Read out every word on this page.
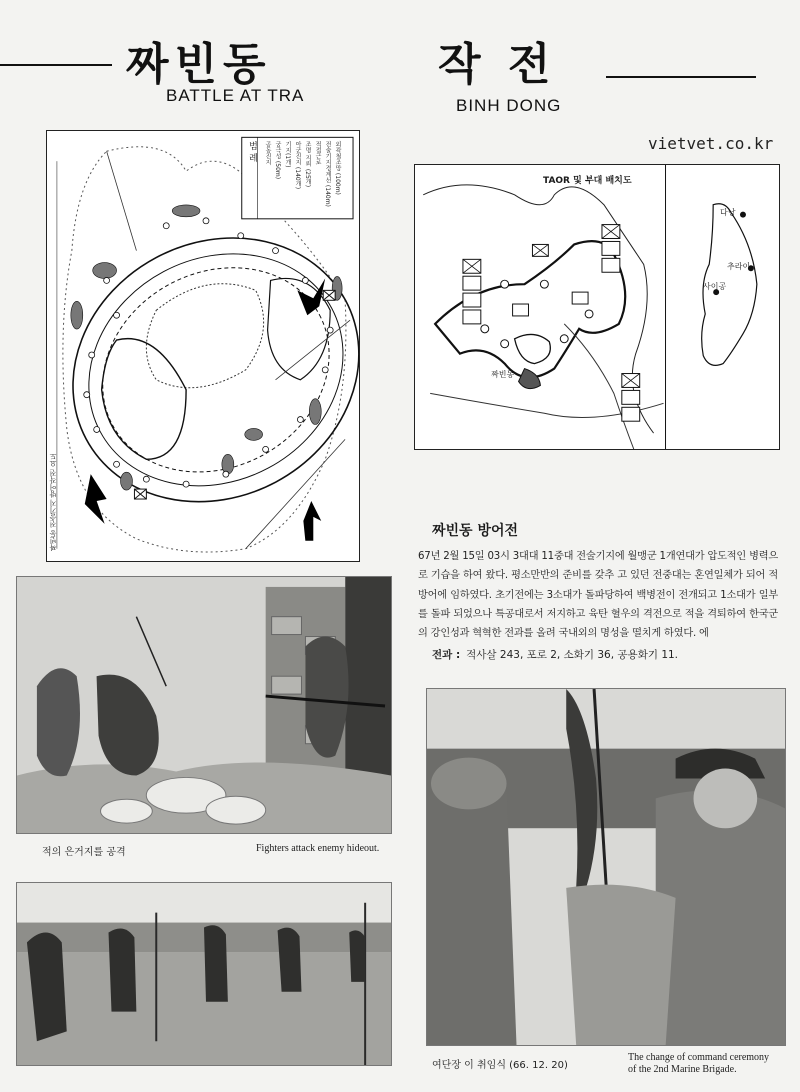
짜빈동	작 전
BATTLE AT TRA
BINH DONG
vietvet.co.kr
범 례	외곽철조망 (100m)
전술기지경계선 (140m)
적접근로
조명 지뢰 (25개)
아군진지 (140개)
기지(1개)
궁극성 (50m)
공동진지
짜빈동 전술기지 방어작전 요도
TAOR 및 부대 배치도
짜빈동
다낭
추라이
사이공
짜빈동 방어전
67년 2월 15일 03시 3대대 11중대 전술기지에 월맹군 1개연대가 압도적인 병력으로 기습을 하여 왔다. 평소만반의 준비를 갖추 고 있던 전중대는 혼연일체가 되어 적방어에 임하였다. 초기전에는 3소대가 돌파당하여 백병전이 전개되고 1소대가 일부를 돌파 되었으나 특공대로서 저지하고 육탄 혈우의 격전으로 적을 격퇴하여 한국군의 강인성과 혁혁한 전과를 올려 국내외의 명성을 떨치게 하였다. 에
전과 : 적사살 243, 포로 2, 소화기 36, 공용화기 11.
적의 은거지를 공격	Fighters attack enemy hideout.
여단장 이 취임식 (66. 12. 20)
The change of command ceremony
of the 2nd Marine Brigade.
